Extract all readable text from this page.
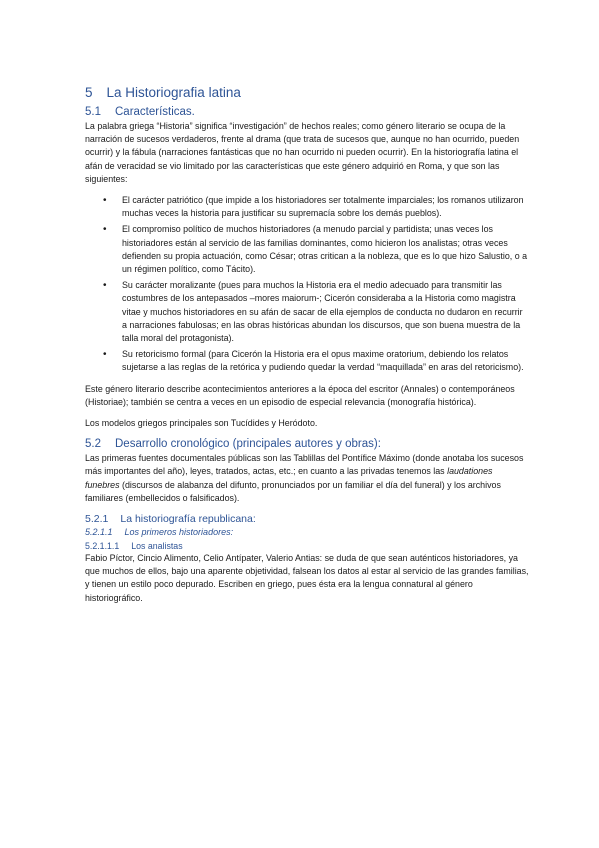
5 La Historiografia latina
5.1 Características.

La palabra griega “Historia” significa “investigación” de hechos reales; como género literario se ocupa de la narración de sucesos verdaderos, frente al drama (que trata de sucesos que, aunque no han ocurrido, pueden ocurrir) y la fábula (narraciones fantásticas que no han ocurrido ni pueden ocurrir). En la historiografía latina el afán de veracidad se vio limitado por las características que este género adquirió en Roma, y que son las siguientes:

• El carácter patriótico (que impide a los historiadores ser totalmente imparciales; los romanos utilizaron muchas veces la historia para justificar su supremacía sobre los demás pueblos).
• El compromiso político de muchos historiadores (a menudo parcial y partidista; unas veces los historiadores están al servicio de las familias dominantes, como hicieron los analistas; otras veces defienden su propia actuación, como César; otras critican a la nobleza, que es lo que hizo Salustio, o a un régimen político, como Tácito).
• Su carácter moralizante (pues para muchos la Historia era el medio adecuado para transmitir las costumbres de los antepasados –mores maiorum-; Cicerón consideraba a la Historia como magistra vitae y muchos historiadores en su afán de sacar de ella ejemplos de conducta no dudaron en recurrir a narraciones fabulosas; en las obras históricas abundan los discursos, que son buena muestra de la talla moral del protagonista).
• Su retoricismo formal (para Cicerón la Historia era el opus maxime oratorium, debiendo los relatos sujetarse a las reglas de la retórica y pudiendo quedar la verdad “maquillada” en aras del retoricismo).

Este género literario describe acontecimientos anteriores a la época del escritor (Annales) o contemporáneos (Historiae); también se centra a veces en un episodio de especial relevancia (monografía histórica).

Los modelos griegos principales son Tucídides y Heródoto.

5.2 Desarrollo cronológico (principales autores y obras):

Las primeras fuentes documentales públicas son las Tablillas del Pontífice Máximo (donde anotaba los sucesos más importantes del año), leyes, tratados, actas, etc.; en cuanto a las privadas tenemos las laudationes funebres (discursos de alabanza del difunto, pronunciados por un familiar el día del funeral) y los archivos familiares (embellecidos o falsificados).

5.2.1 La historiografía republicana:
5.2.1.1 Los primeros historiadores:
5.2.1.1.1 Los analistas

Fabio Píctor, Cincio Alimento, Celio Antípater, Valerio Antias: se duda de que sean auténticos historiadores, ya que muchos de ellos, bajo una aparente objetividad, falsean los datos al estar al servicio de las grandes familias, y tienen un estilo poco depurado. Escriben en griego, pues ésta era la lengua connatural al género historiográfico.
